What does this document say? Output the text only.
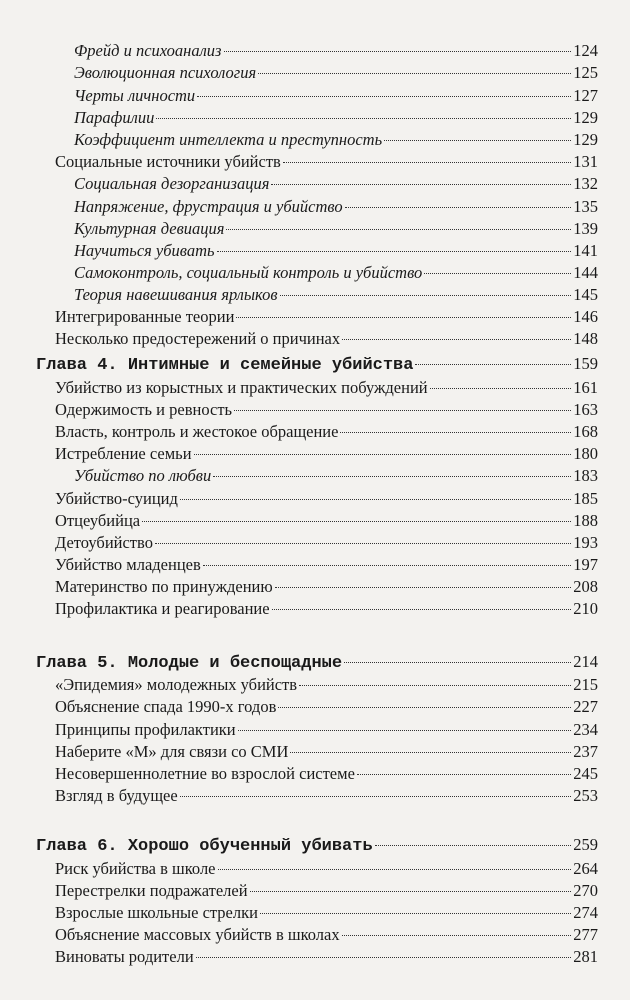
Фрейд и психоанализ	124
Эволюционная психология	125
Черты личности	127
Парафилии	129
Коэффициент интеллекта и преступность	129
Социальные источники убийств	131
Социальная дезорганизация	132
Напряжение, фрустрация и убийство	135
Культурная девиация	139
Научиться убивать	141
Самоконтроль, социальный контроль и убийство	144
Теория навешивания ярлыков	145
Интегрированные теории	146
Несколько предостережений о причинах	148
Глава 4. Интимные и семейные убийства	159
Убийство из корыстных и практических побуждений	161
Одержимость и ревность	163
Власть, контроль и жестокое обращение	168
Истребление семьи	180
Убийство по любви	183
Убийство-суицид	185
Отцеубийца	188
Детоубийство	193
Убийство младенцев	197
Материнство по принуждению	208
Профилактика и реагирование	210
Глава 5. Молодые и беспощадные	214
«Эпидемия» молодежных убийств	215
Объяснение спада 1990-х годов	227
Принципы профилактики	234
Наберите «М» для связи со СМИ	237
Несовершеннолетние во взрослой системе	245
Взгляд в будущее	253
Глава 6. Хорошо обученный убивать	259
Риск убийства в школе	264
Перестрелки подражателей	270
Взрослые школьные стрелки	274
Объяснение массовых убийств в школах	277
Виноваты родители	281
